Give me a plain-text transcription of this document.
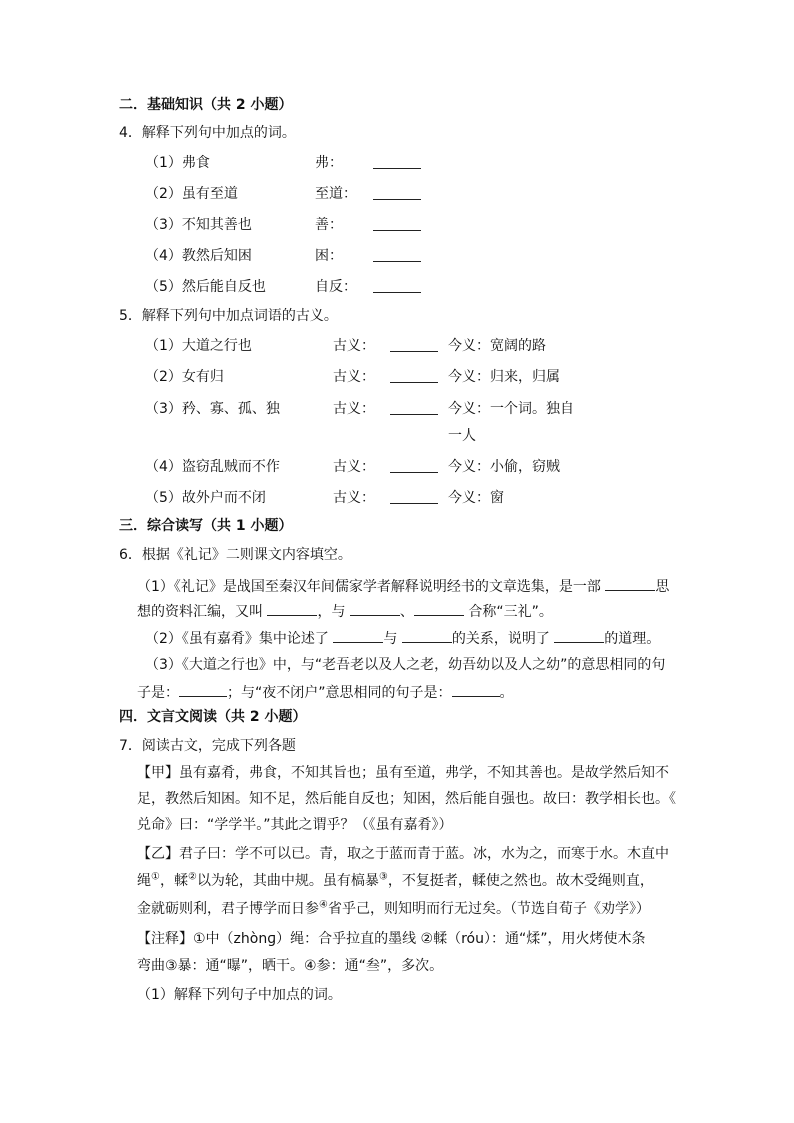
二．基础知识（共 2 小题）
4．解释下列句中加点的词。
（1）弗食	弗：
（2）虽有至道	至道：
（3）不知其善也	善：
（4）教然后知困	困：
（5）然后能自反也	自反：
5．解释下列句中加点词语的古义。
（1）大道之行也	古义：	今义：宽阔的路
（2）女有归	古义：	今义：归来，归属
（3）矜、寡、孤、独	古义：	今义：一个词。独自
一人
（4）盗窃乱贼而不作	古义：	今义：小偷，窃贼
（5）故外户而不闭	古义：	今义：窗
三．综合读写（共 1 小题）
6．根据《礼记》二则课文内容填空。
（1）《礼记》是战国至秦汉年间儒家学者解释说明经书的文章选集，是一部	思
想的资料汇编，又叫	，与	、	合称“三礼”。
（2）《虽有嘉肴》集中论述了	与	的关系，说明了	的道理。
（3）《大道之行也》中，与“老吾老以及人之老，幼吾幼以及人之幼”的意思相同的句
子是：	；与“夜不闭户”意思相同的句子是：	。
四．文言文阅读（共 2 小题）
7．阅读古文，完成下列各题
【甲】虽有嘉肴，弗食，不知其旨也；虽有至道，弗学，不知其善也。是故学然后知不
足，教然后知困。知不足，然后能自反也；知困，然后能自强也。故曰：教学相长也。《
兑命》曰：“学学半。”其此之谓乎？（《虽有嘉肴》）
【乙】君子曰：学不可以已。青，取之于蓝而青于蓝。冰，水为之，而寒于水。木直中
绳①，輮②以为轮，其曲中规。虽有槁暴③，不复挺者，輮使之然也。故木受绳则直，
金就砺则利，君子博学而日参④省乎己，则知明而行无过矣。（节选自荀子《劝学》）
【注释】①中（zhònɡ）绳：合乎拉直的墨线 ②輮（róu）：通“煣”，用火烤使木条
弯曲③暴：通“曝”，晒干。④参：通“叁”，多次。
（1）解释下列句子中加点的词。
